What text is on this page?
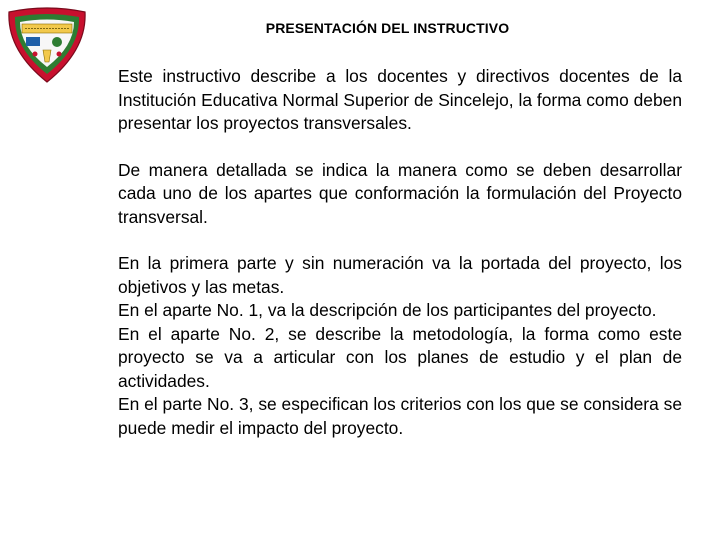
PRESENTACIÓN DEL INSTRUCTIVO

Este instructivo describe a los docentes y directivos docentes de la Institución Educativa Normal Superior de Sincelejo, la forma como deben presentar los proyectos transversales.

De manera detallada se indica la manera como se deben desarrollar cada uno de los apartes que conformación la formulación del Proyecto transversal.

En la primera parte y sin numeración va la portada del proyecto, los objetivos y las metas.

En el aparte No. 1, va la descripción de los participantes del proyecto.

En el aparte No. 2, se describe la metodología, la forma como este proyecto se va a articular con los planes de estudio y el plan de actividades.

En el parte No. 3, se especifican los criterios con los que se considera se puede medir el impacto del proyecto.
